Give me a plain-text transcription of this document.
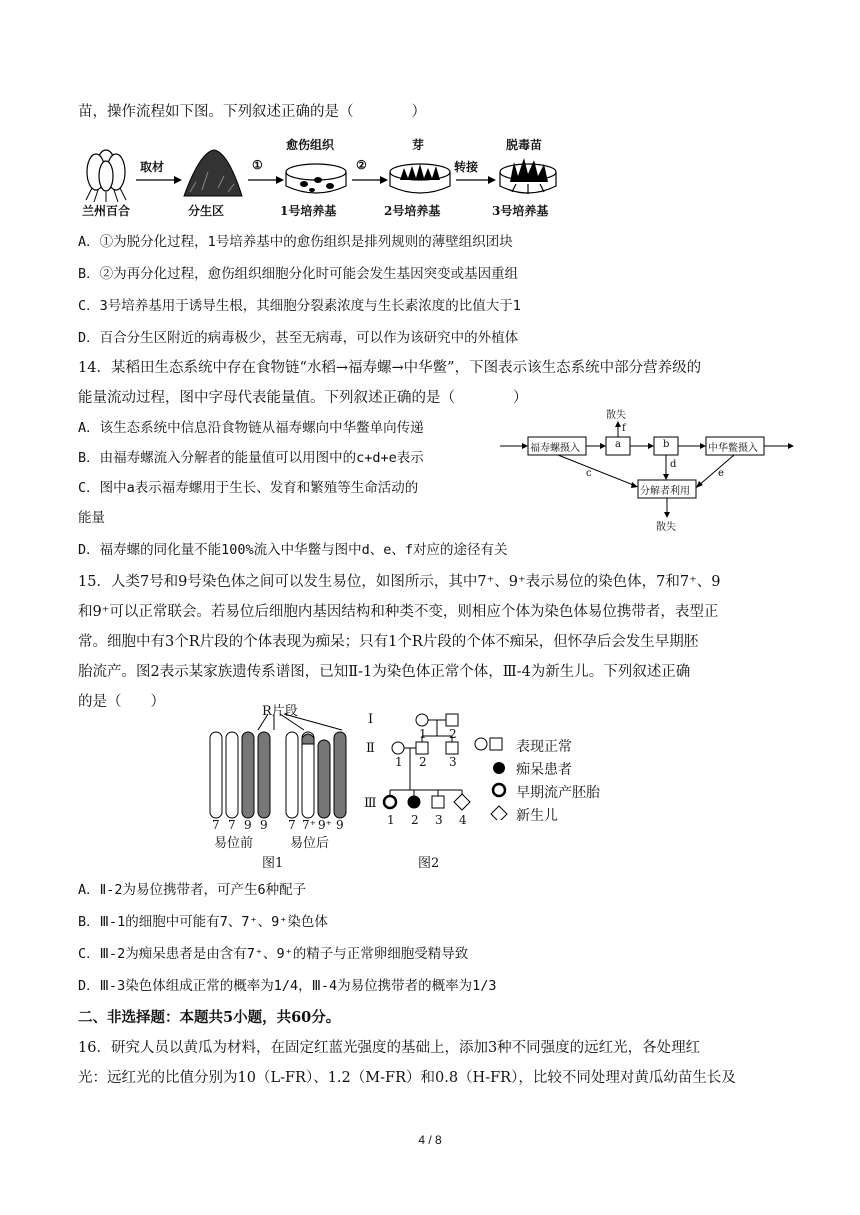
苗，操作流程如下图。下列叙述正确的是（　　　　）
取材	①	②	转接
愈伤组织	芽	脱毒苗
兰州百合	分生区	1号培养基	2号培养基	3号培养基
A．①为脱分化过程，1号培养基中的愈伤组织是排列规则的薄壁组织团块
B．②为再分化过程，愈伤组织细胞分化时可能会发生基因突变或基因重组
C．3号培养基用于诱导生根，其细胞分裂素浓度与生长素浓度的比值大于1
D．百合分生区附近的病毒极少，甚至无病毒，可以作为该研究中的外植体
14．某稻田生态系统中存在食物链“水稻→福寿螺→中华鳖”，下图表示该生态系统中部分营养级的
能量流动过程，图中字母代表能量值。下列叙述正确的是（　　　　）
A．该生态系统中信息沿食物链从福寿螺向中华鳖单向传递
B．由福寿螺流入分解者的能量值可以用图中的c+d+e表示
C．图中a表示福寿螺用于生长、发育和繁殖等生命活动的
能量
D．福寿螺的同化量不能100%流入中华鳖与图中d、e、f对应的途径有关
福寿螺摄入	a	b	中华鳖摄入
分解者利用
散失
散失
c
d
e
f
15．人类7号和9号染色体之间可以发生易位，如图所示，其中7⁺、9⁺表示易位的染色体，7和7⁺、9
和9⁺可以正常联会。若易位后细胞内基因结构和种类不变，则相应个体为染色体易位携带者，表型正
常。细胞中有3个R片段的个体表现为痴呆；只有1个R片段的个体不痴呆，但怀孕后会发生早期胚
胎流产。图2表示某家族遗传系谱图，已知Ⅱ-1为染色体正常个体，Ⅲ-4为新生儿。下列叙述正确
的是（　　）
R片段
7 7 9 9 7 7⁺ 9⁺ 9
易位前	易位后
图1
Ⅰ
Ⅱ
Ⅲ
1 2
1 2 3
1 2 3 4
图2
表现正常
痴呆患者
早期流产胚胎
新生儿
A．Ⅱ-2为易位携带者，可产生6种配子
B．Ⅲ-1的细胞中可能有7、7⁺、9⁺染色体
C．Ⅲ-2为痴呆患者是由含有7⁺、9⁺的精子与正常卵细胞受精导致
D．Ⅲ-3染色体组成正常的概率为1/4，Ⅲ-4为易位携带者的概率为1/3
二、非选择题：本题共5小题，共60分。
16．研究人员以黄瓜为材料，在固定红蓝光强度的基础上，添加3种不同强度的远红光，各处理红
光：远红光的比值分别为10（L-FR）、1.2（M-FR）和0.8（H-FR），比较不同处理对黄瓜幼苗生长及
4 / 8
